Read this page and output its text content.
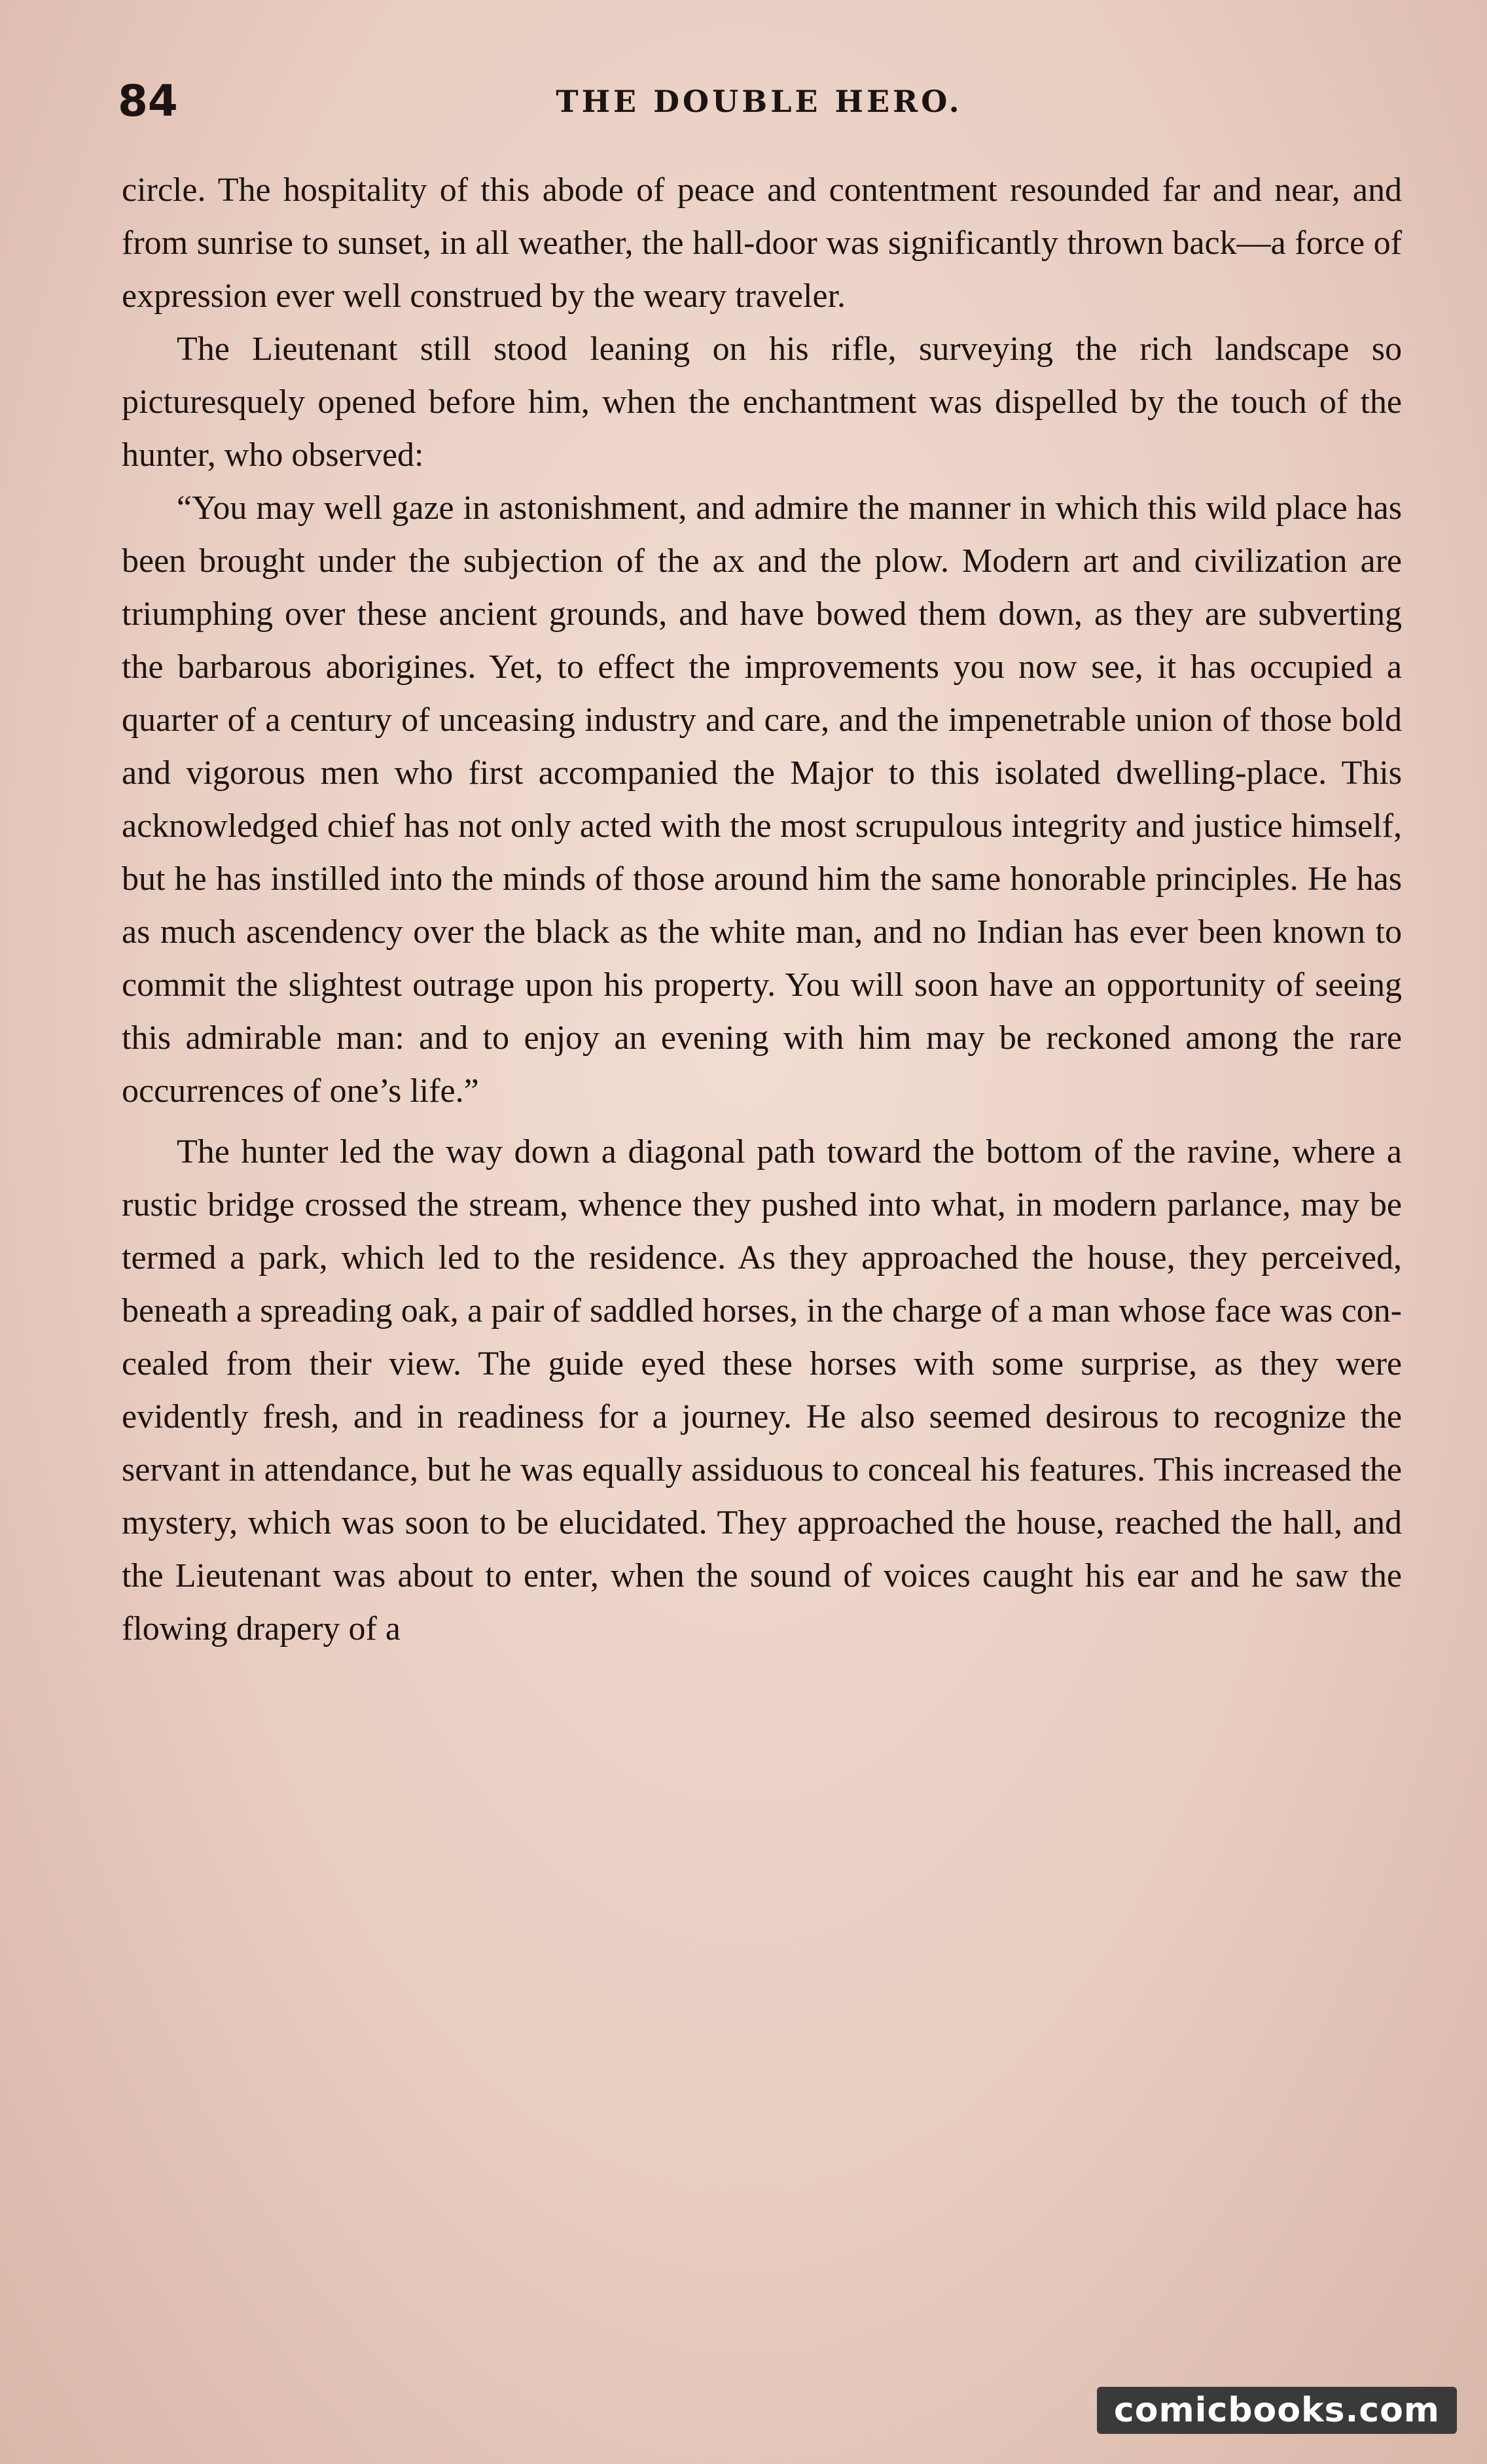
84	THE DOUBLE HERO.

circle. The hospitality of this abode of peace and contentment resounded far and near, and from sunrise to sunset, in all weather, the hall-door was significantly thrown back—a force of expression ever well construed by the weary traveler.

The Lieutenant still stood leaning on his rifle, surveying the rich landscape so picturesquely opened before him, when the enchantment was dispelled by the touch of the hunter, who observed:

“You may well gaze in astonishment, and admire the manner in which this wild place has been brought under the subjection of the ax and the plow. Modern art and civilization are triumphing over these ancient grounds, and have bowed them down, as they are subverting the barbarous aborigines. Yet, to effect the improvements you now see, it has occupied a quarter of a century of unceasing industry and care, and the impenetrable union of those bold and vigorous men who first accompanied the Major to this isolated dwelling-place. This acknowledged chief has not only acted with the most scrupulous integrity and justice himself, but he has instilled into the minds of those around him the same honorable principles. He has as much ascendency over the black as the white man, and no Indian has ever been known to commit the slightest outrage upon his property. You will soon have an opportunity of seeing this admirable man: and to enjoy an evening with him may be reckoned among the rare occurrences of one’s life.”

The hunter led the way down a diagonal path toward the bottom of the ravine, where a rustic bridge crossed the stream, whence they pushed into what, in modern parlance, may be termed a park, which led to the residence. As they approached the house, they perceived, beneath a spreading oak, a pair of saddled horses, in the charge of a man whose face was concealed from their view. The guide eyed these horses with some surprise, as they were evidently fresh, and in readiness for a journey. He also seemed desirous to recognize the servant in attendance, but he was equally assiduous to conceal his features. This increased the mystery, which was soon to be elucidated. They approached the house, reached the hall, and the Lieutenant was about to enter, when the sound of voices caught his ear and he saw the flowing drapery of a

comicbooks.com
